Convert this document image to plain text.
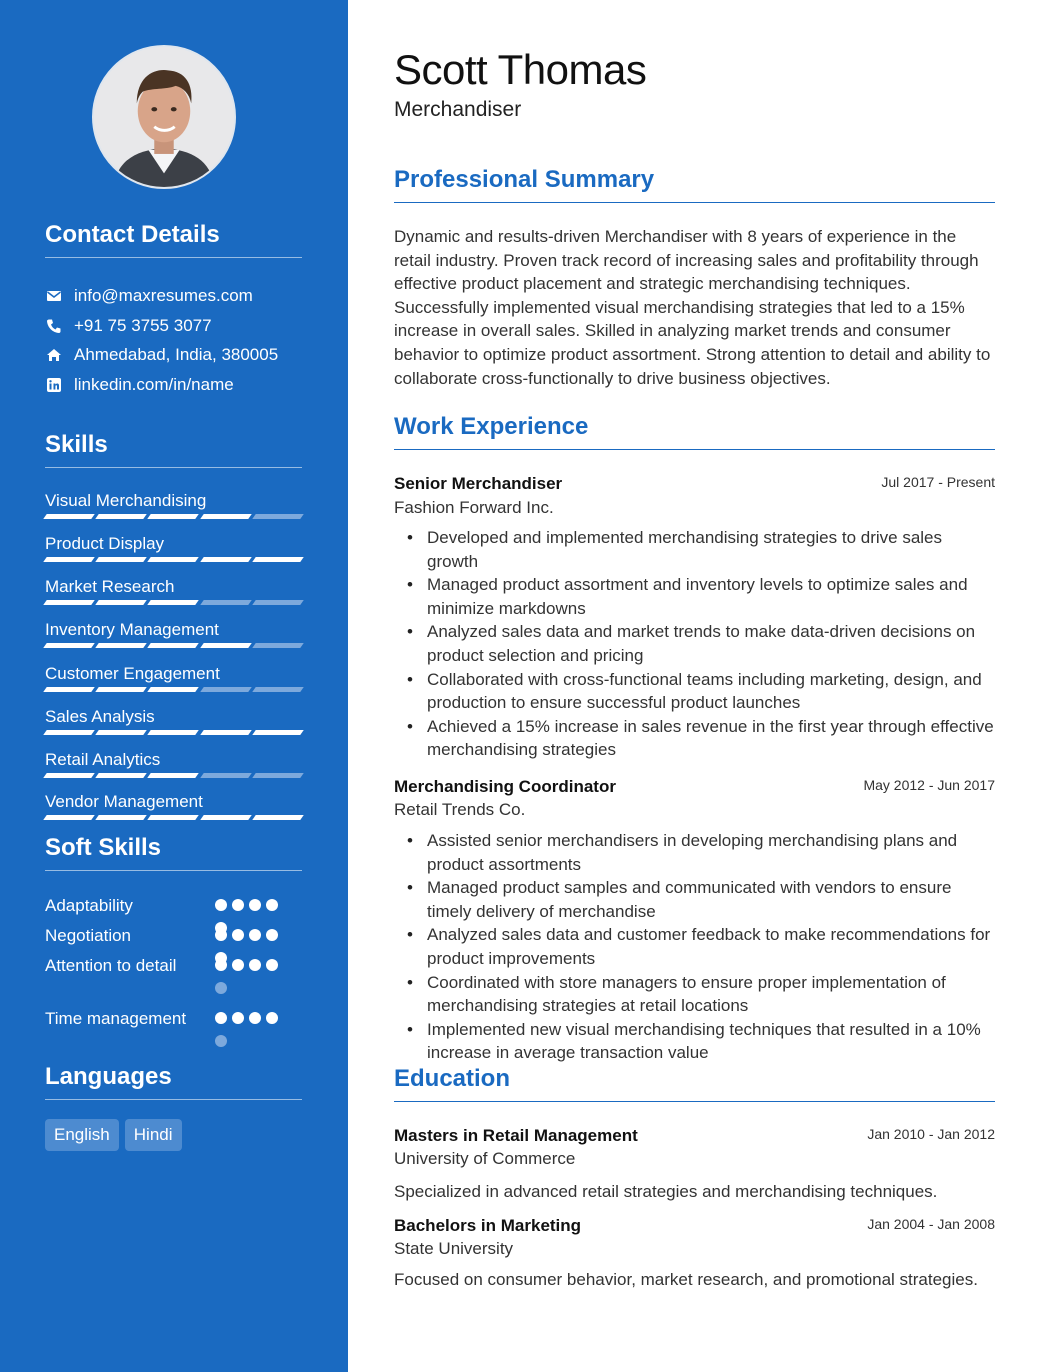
Contact Details
info@maxresumes.com
+91 75 3755 3077
Ahmedabad, India, 380005
linkedin.com/in/name
Skills
Visual Merchandising
Product Display
Market Research
Inventory Management
Customer Engagement
Sales Analysis
Retail Analytics
Vendor Management
Soft Skills
Adaptability
Negotiation
Attention to detail
Time management
Languages
English	Hindi
Scott Thomas
Merchandiser
Professional Summary
Dynamic and results-driven Merchandiser with 8 years of experience in the retail industry. Proven track record of increasing sales and profitability through effective product placement and strategic merchandising techniques. Successfully implemented visual merchandising strategies that led to a 15% increase in overall sales. Skilled in analyzing market trends and consumer behavior to optimize product assortment. Strong attention to detail and ability to collaborate cross-functionally to drive business objectives.
Work Experience
Senior Merchandiser	Jul 2017 - Present
Fashion Forward Inc.
• Developed and implemented merchandising strategies to drive sales growth
• Managed product assortment and inventory levels to optimize sales and minimize markdowns
• Analyzed sales data and market trends to make data-driven decisions on product selection and pricing
• Collaborated with cross-functional teams including marketing, design, and production to ensure successful product launches
• Achieved a 15% increase in sales revenue in the first year through effective merchandising strategies
Merchandising Coordinator	May 2012 - Jun 2017
Retail Trends Co.
• Assisted senior merchandisers in developing merchandising plans and product assortments
• Managed product samples and communicated with vendors to ensure timely delivery of merchandise
• Analyzed sales data and customer feedback to make recommendations for product improvements
• Coordinated with store managers to ensure proper implementation of merchandising strategies at retail locations
• Implemented new visual merchandising techniques that resulted in a 10% increase in average transaction value
Education
Masters in Retail Management	Jan 2010 - Jan 2012
University of Commerce
Specialized in advanced retail strategies and merchandising techniques.
Bachelors in Marketing	Jan 2004 - Jan 2008
State University
Focused on consumer behavior, market research, and promotional strategies.
